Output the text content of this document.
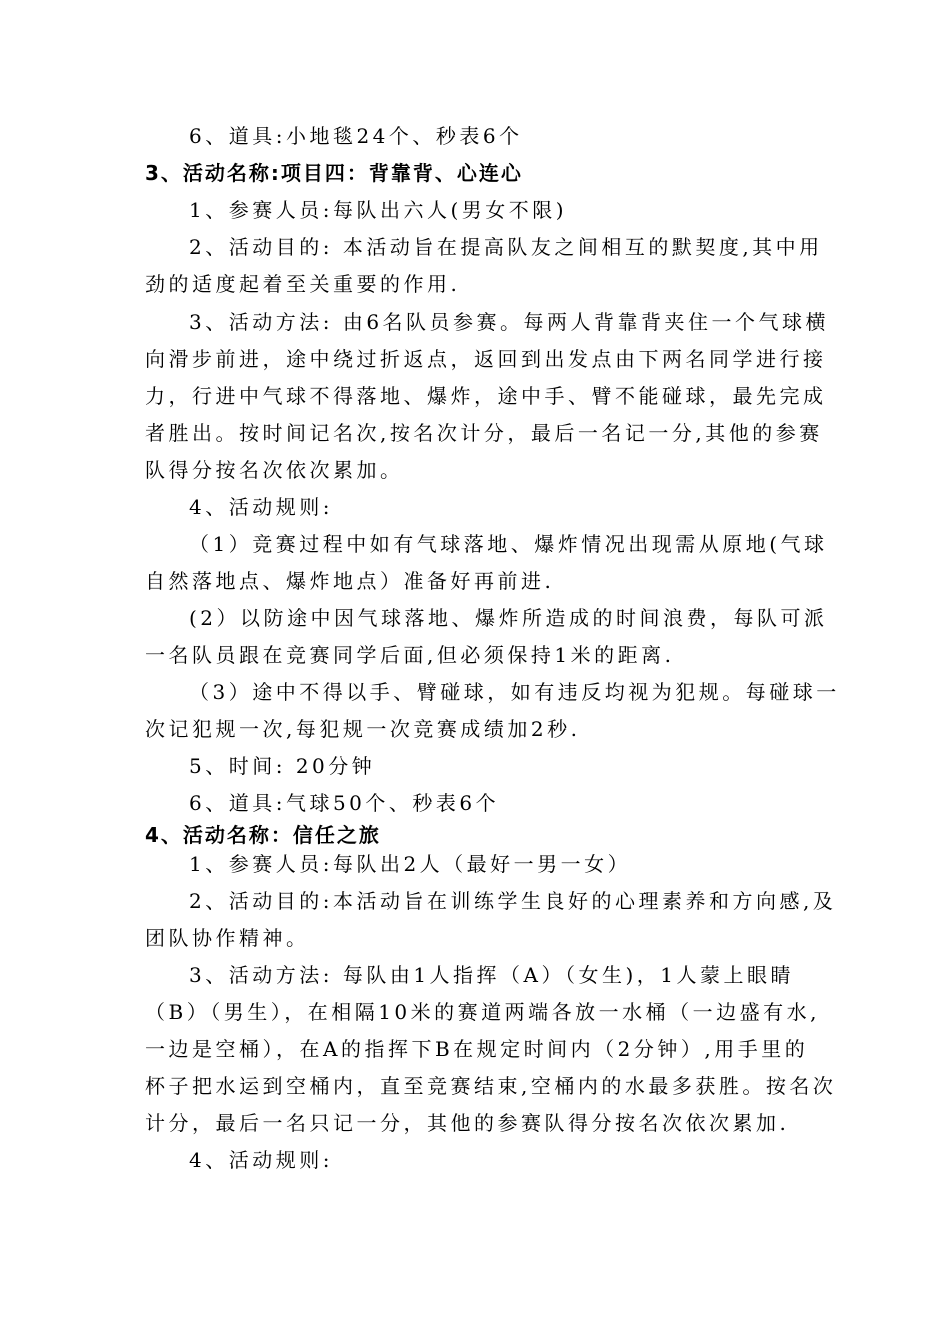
6、道具:小地毯24个、秒表6个
3、活动名称:项目四：背靠背、心连心
1、参赛人员:每队出六人(男女不限)
2、活动目的: 本活动旨在提高队友之间相互的默契度,其中用
劲的适度起着至关重要的作用.
3、活动方法: 由6名队员参赛。每两人背靠背夹住一个气球横
向滑步前进，途中绕过折返点，返回到出发点由下两名同学进行接
力，行进中气球不得落地、爆炸，途中手、臂不能碰球，最先完成
者胜出。按时间记名次,按名次计分，最后一名记一分,其他的参赛
队得分按名次依次累加。
4、活动规则:
（1）竞赛过程中如有气球落地、爆炸情况出现需从原地(气球
自然落地点、爆炸地点）准备好再前进.
(2）以防途中因气球落地、爆炸所造成的时间浪费，每队可派
一名队员跟在竞赛同学后面,但必须保持1米的距离.
（3）途中不得以手、臂碰球，如有违反均视为犯规。每碰球一
次记犯规一次,每犯规一次竞赛成绩加2秒.
5、时间: 20分钟
6、道具:气球50个、秒表6个
4、活动名称：信任之旅
1、参赛人员:每队出2人（最好一男一女）
2、活动目的:本活动旨在训练学生良好的心理素养和方向感,及
团队协作精神。
3、活动方法: 每队由1人指挥（A）（女生)，1人蒙上眼睛
（B）（男生），在相隔10米的赛道两端各放一水桶（一边盛有水,
一边是空桶），在A的指挥下B在规定时间内（2分钟）,用手里的
杯子把水运到空桶内，直至竞赛结束,空桶内的水最多获胜。按名次
计分，最后一名只记一分，其他的参赛队得分按名次依次累加.
4、活动规则:
